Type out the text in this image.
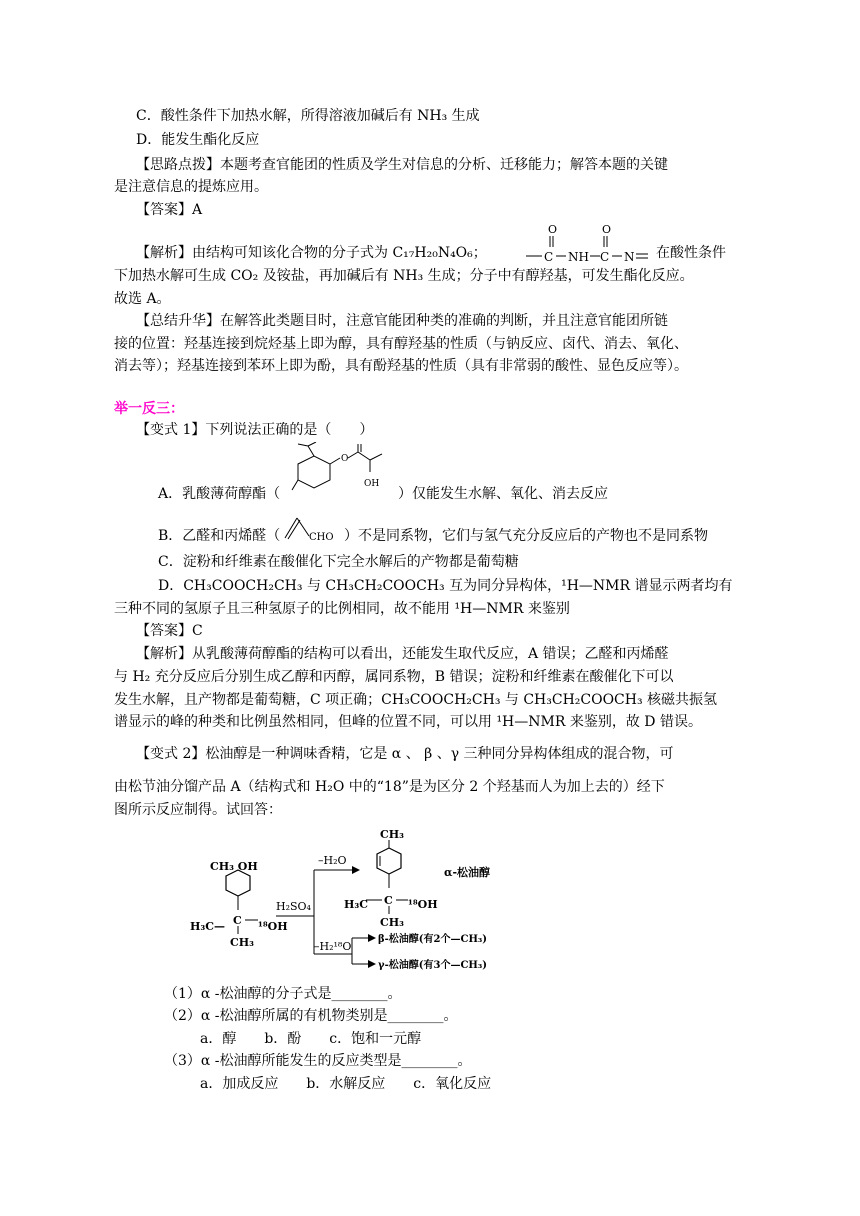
C．酸性条件下加热水解，所得溶液加碱后有 NH₃ 生成
D．能发生酯化反应
【思路点拨】本题考查官能团的性质及学生对信息的分析、迁移能力；解答本题的关键
是注意信息的提炼应用。
【答案】A
【解析】由结构可知该化合物的分子式为 C₁₇H₂₀N₄O₆；
O
C NH
O
C N 在酸性条件
下加热水解可生成 CO₂ 及铵盐，再加碱后有 NH₃ 生成；分子中有醇羟基，可发生酯化反应。
故选 A。
【总结升华】在解答此类题目时，注意官能团种类的准确的判断，并且注意官能团所链
接的位置：羟基连接到烷烃基上即为醇，具有醇羟基的性质（与钠反应、卤代、消去、氧化、
消去等）；羟基连接到苯环上即为酚，具有酚羟基的性质（具有非常弱的酸性、显色反应等）。
举一反三：
【变式 1】下列说法正确的是（　　）
A．乳酸薄荷醇酯（
O
OH
）仅能发生水解、氧化、消去反应
B．乙醛和丙烯醛（	CHO ）不是同系物，它们与氢气充分反应后的产物也不是同系物
C．淀粉和纤维素在酸催化下完全水解后的产物都是葡萄糖
D．CH₃COOCH₂CH₃ 与 CH₃CH₂COOCH₃ 互为同分异构体，¹H—NMR 谱显示两者均有
三种不同的氢原子且三种氢原子的比例相同，故不能用 ¹H—NMR 来鉴别
【答案】C
【解析】从乳酸薄荷醇酯的结构可以看出，还能发生取代反应，A 错误；乙醛和丙烯醛
与 H₂ 充分反应后分别生成乙醇和丙醇，属同系物，B 错误；淀粉和纤维素在酸催化下可以
发生水解，且产物都是葡萄糖，C 项正确；CH₃COOCH₂CH₃ 与 CH₃CH₂COOCH₃ 核磁共振氢
谱显示的峰的种类和比例虽然相同，但峰的位置不同，可以用 ¹H—NMR 来鉴别，故 D 错误。
【变式 2】松油醇是一种调味香精，它是 α 、 β 、γ 三种同分异构体组成的混合物，可
由松节油分馏产品 A（结构式和 H₂O 中的“18”是为区分 2 个羟基而人为加上去的）经下
图所示反应制得。试回答：
CH₃ OH
H₃C— C ¹⁸OH
CH₃
H₂SO₄
–H₂O
–H₂¹⁸O
CH₃
H₃C C ¹⁸OH
CH₃
α-松油醇
β-松油醇(有2个—CH₃)
γ-松油醇(有3个—CH₃)
（1）α -松油醇的分子式是________。
（2）α -松油醇所属的有机物类别是________。
a．醇　　b．酚　　c．饱和一元醇
（3）α -松油醇所能发生的反应类型是________。
a．加成反应　　b．水解反应　　c．氧化反应
